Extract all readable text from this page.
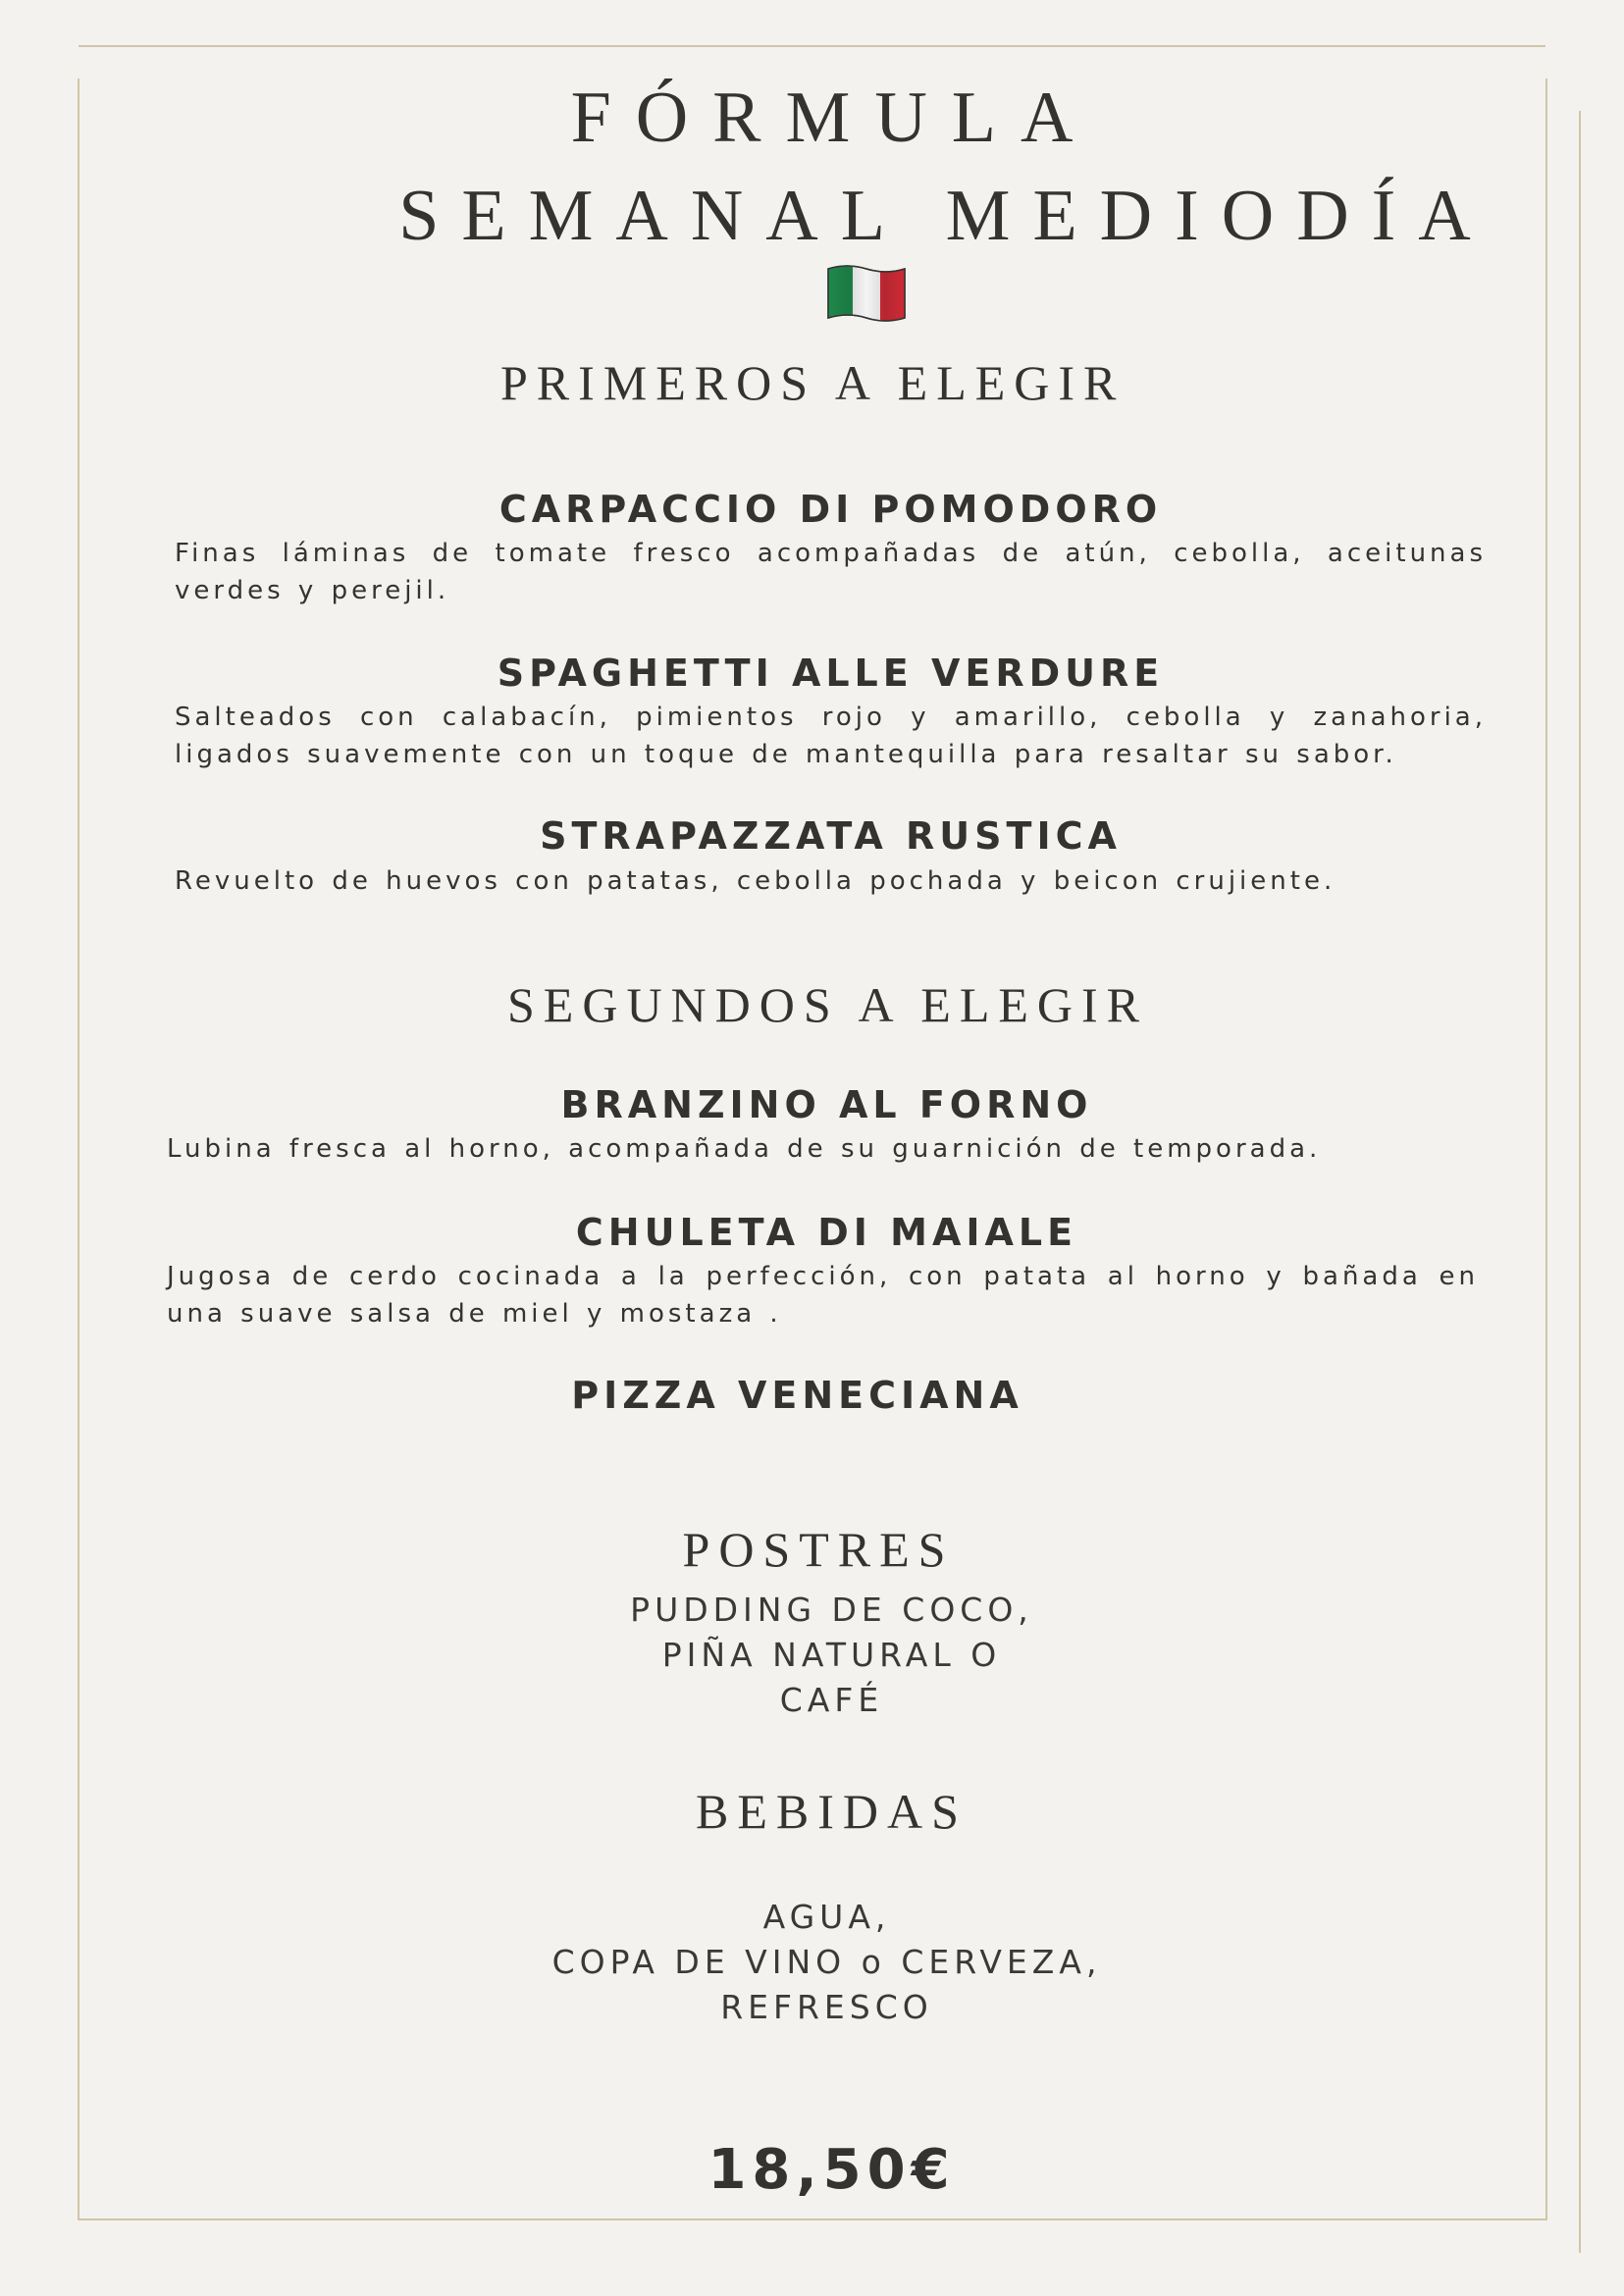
FÓRMULA
SEMANAL MEDIODÍA
PRIMEROS A ELEGIR
CARPACCIO DI POMODORO
Finas láminas de tomate fresco acompañadas de atún, cebolla, aceitunas verdes y perejil.
SPAGHETTI ALLE VERDURE
Salteados con calabacín, pimientos rojo y amarillo, cebolla y zanahoria, ligados suavemente con un toque de mantequilla para resaltar su sabor.
STRAPAZZATA RUSTICA
Revuelto de huevos con patatas, cebolla pochada y beicon crujiente.
SEGUNDOS A ELEGIR
BRANZINO AL FORNO
Lubina fresca al horno, acompañada de su guarnición de temporada.
CHULETA DI MAIALE
Jugosa de cerdo cocinada a la perfección, con patata al horno y bañada en una suave salsa de miel y mostaza .
PIZZA VENECIANA
POSTRES
PUDDING DE COCO,
PIÑA NATURAL O
CAFÉ
BEBIDAS
AGUA,
COPA DE VINO o CERVEZA,
REFRESCO
18,50€
